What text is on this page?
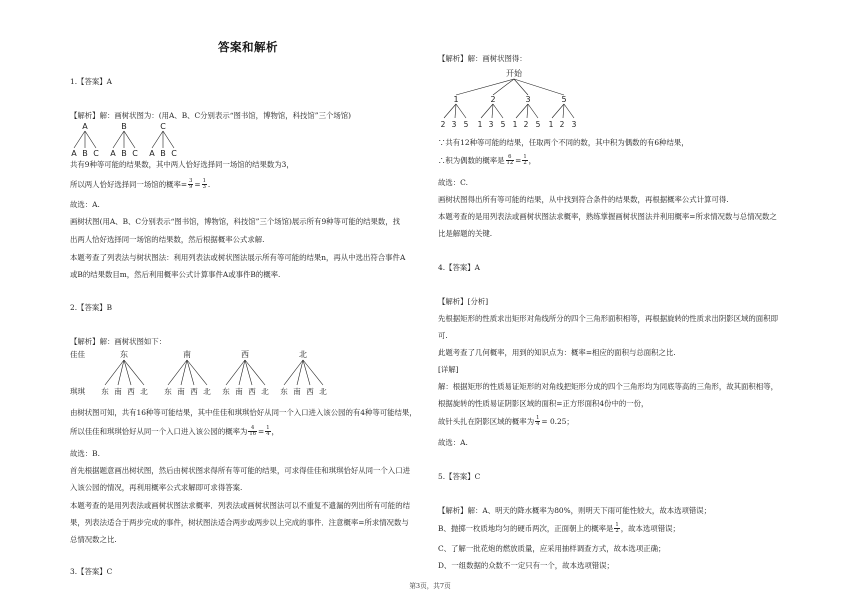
答案和解析
1.【答案】A
【解析】解：画树状图为：(用A、B、C分别表示“图书馆，博物馆，科技馆”三个场馆)
A
A B C
B
A B C
C
A B C
共有9种等可能的结果数，其中两人恰好选择同一场馆的结果数为3，
所以两人恰好选择同一场馆的概率= $\frac{3}{9} = \frac{1}{3}$ .
故选：A.
画树状图(用A、B、C分别表示“图书馆，博物馆，科技馆”三个场馆)展示所有9种等可能的结果数，找
出两人恰好选择同一场馆的结果数，然后根据概率公式求解.
本题考查了列表法与树状图法：利用列表法或树状图法展示所有等可能的结果n，再从中选出符合事件A
或B的结果数目m，然后利用概率公式计算事件A或事件B的概率.
2.【答案】B
【解析】解：画树状图如下：
佳佳
琪琪
东
东 南 西 北
南
东 南 西 北
西
东 南 西 北
北
东 南 西 北
由树状图可知，共有16种等可能结果，其中佳佳和琪琪恰好从同一个入口进入该公园的有4种等可能结果，
所以佳佳和琪琪恰好从同一个入口进入该公园的概率为 $\frac{4}{16} = \frac{1}{4}$ ，
故选：B.
首先根据题意画出树状图，然后由树状图求得所有等可能的结果，可求得佳佳和琪琪恰好从同一个入口进
入该公园的情况，再利用概率公式求解即可求得答案.
本题考查的是用列表法或画树状图法求概率．列表法或画树状图法可以不重复不遗漏的列出所有可能的结
果，列表法适合于两步完成的事件，树状图法适合两步或两步以上完成的事件．注意概率=所求情况数与
总情况数之比.
3.【答案】C
【解析】解：画树状图得：
开始
1
2 3 5
2
1 3 5
3
1 2 5
5
1 2 3
∵共有12种等可能的结果，任取两个不同的数，其中积为偶数的有6种结果，
∴积为偶数的概率是 $\frac{6}{12} = \frac{1}{2}$ ，
故选：C.
画树状图得出所有等可能的结果，从中找到符合条件的结果数，再根据概率公式计算可得.
本题考查的是用列表法或画树状图法求概率，熟练掌握画树状图法并利用概率=所求情况数与总情况数之
比是解题的关键.
4.【答案】A
【解析】[分析]
先根据矩形的性质求出矩形对角线所分的四个三角形面积相等，再根据旋转的性质求出阴影区域的面积即
可.
此题考查了几何概率，用到的知识点为：概率=相应的面积与总面积之比.
[详解]
解：根据矩形的性质易证矩形的对角线把矩形分成的四个三角形均为同底等高的三角形，故其面积相等，
根据旋转的性质易证阴影区域的面积=正方形面积4份中的一份，
故针头扎在阴影区域的概率为 $\frac{1}{4} = 0.25$；
故选：A.
5.【答案】C
【解析】解：A、明天的降水概率为80%，则明天下雨可能性较大，故本选项错误；
B、抛掷一枚质地均匀的硬币两次，正面朝上的概率是 $\frac{1}{2}$ ，故本选项错误；
C、了解一批花炮的燃放质量，应采用抽样调查方式，故本选项正确；
D、一组数据的众数不一定只有一个，故本选项错误；
第3页，共7页
